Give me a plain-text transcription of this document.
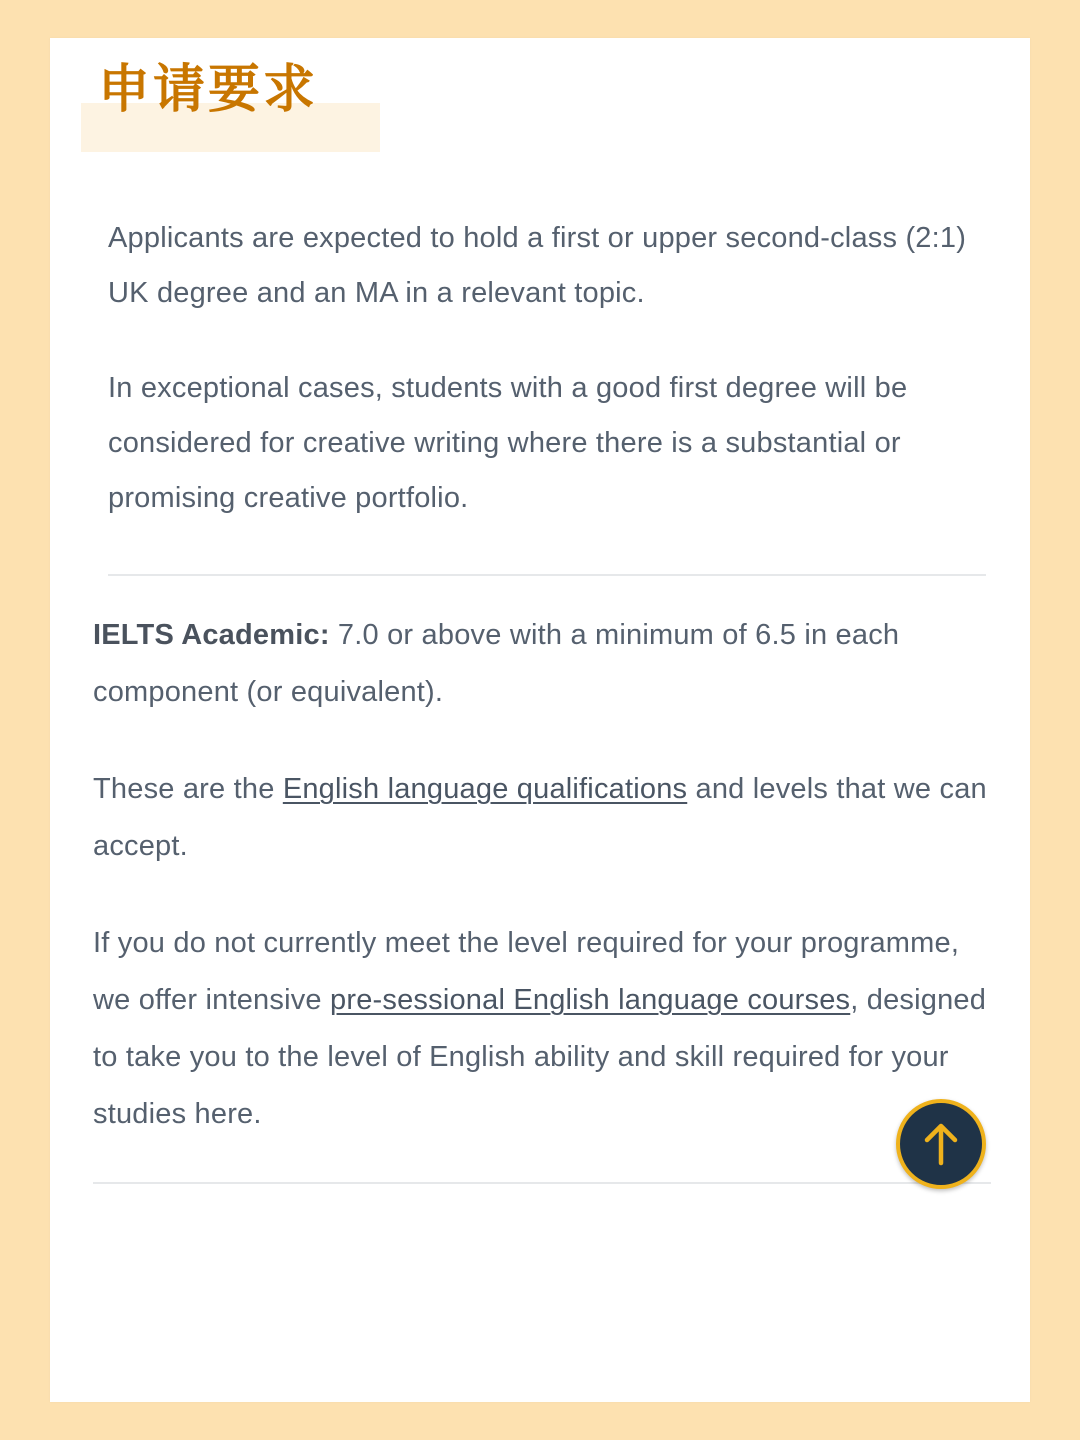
申请要求

Applicants are expected to hold a first or upper second-class (2:1) UK degree and an MA in a relevant topic.

In exceptional cases, students with a good first degree will be considered for creative writing where there is a substantial or promising creative portfolio.

IELTS Academic: 7.0 or above with a minimum of 6.5 in each component (or equivalent).

These are the English language qualifications and levels that we can accept.

If you do not currently meet the level required for your programme, we offer intensive pre-sessional English language courses, designed to take you to the level of English ability and skill required for your studies here.
